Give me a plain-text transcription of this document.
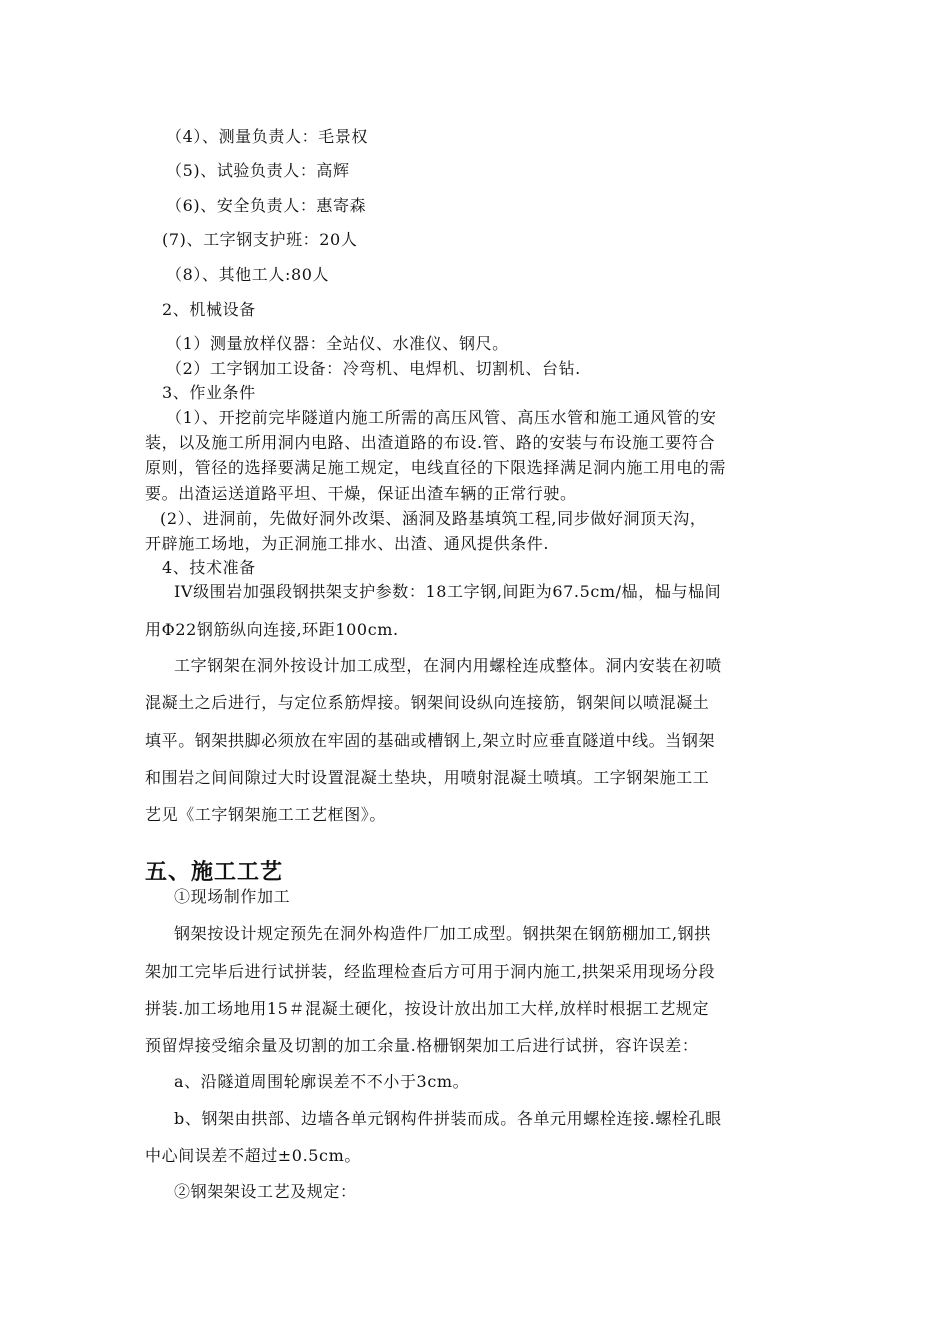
（4）、测量负责人：毛景权
（5)、试验负责人：高辉
（6)、安全负责人：惠寄森
(7)、工字钢支护班：20人
（8）、其他工人:80人
2、机械设备
（1）测量放样仪器：全站仪、水准仪、钢尺。
（2）工字钢加工设备：冷弯机、电焊机、切割机、台钻.
3、作业条件
（1）、开挖前完毕隧道内施工所需的高压风管、高压水管和施工通风管的安
装，以及施工所用洞内电路、出渣道路的布设.管、路的安装与布设施工要符合
原则，管径的选择要满足施工规定，电线直径的下限选择满足洞内施工用电的需
要。出渣运送道路平坦、干燥，保证出渣车辆的正常行驶。
(2）、进洞前，先做好洞外改渠、涵洞及路基填筑工程,同步做好洞顶天沟，
开辟施工场地，为正洞施工排水、出渣、通风提供条件.
4、技术准备
IV级围岩加强段钢拱架支护参数：18工字钢,间距为67.5cm/榀，榀与榀间
用Φ22钢筋纵向连接,环距100cm.
工字钢架在洞外按设计加工成型，在洞内用螺栓连成整体。洞内安装在初喷
混凝土之后进行，与定位系筋焊接。钢架间设纵向连接筋，钢架间以喷混凝土
填平。钢架拱脚必须放在牢固的基础或槽钢上,架立时应垂直隧道中线。当钢架
和围岩之间间隙过大时设置混凝土垫块，用喷射混凝土喷填。工字钢架施工工
艺见《工字钢架施工工艺框图》。
五、施工工艺
①现场制作加工
钢架按设计规定预先在洞外构造件厂加工成型。钢拱架在钢筋棚加工,钢拱
架加工完毕后进行试拼装，经监理检查后方可用于洞内施工,拱架采用现场分段
拼装.加工场地用15＃混凝土硬化，按设计放出加工大样,放样时根据工艺规定
预留焊接受缩余量及切割的加工余量.格栅钢架加工后进行试拼，容许误差：
a、沿隧道周围轮廓误差不不小于3cm。
b、钢架由拱部、边墙各单元钢构件拼装而成。各单元用螺栓连接.螺栓孔眼
中心间误差不超过±0.5cm。
②钢架架设工艺及规定：
